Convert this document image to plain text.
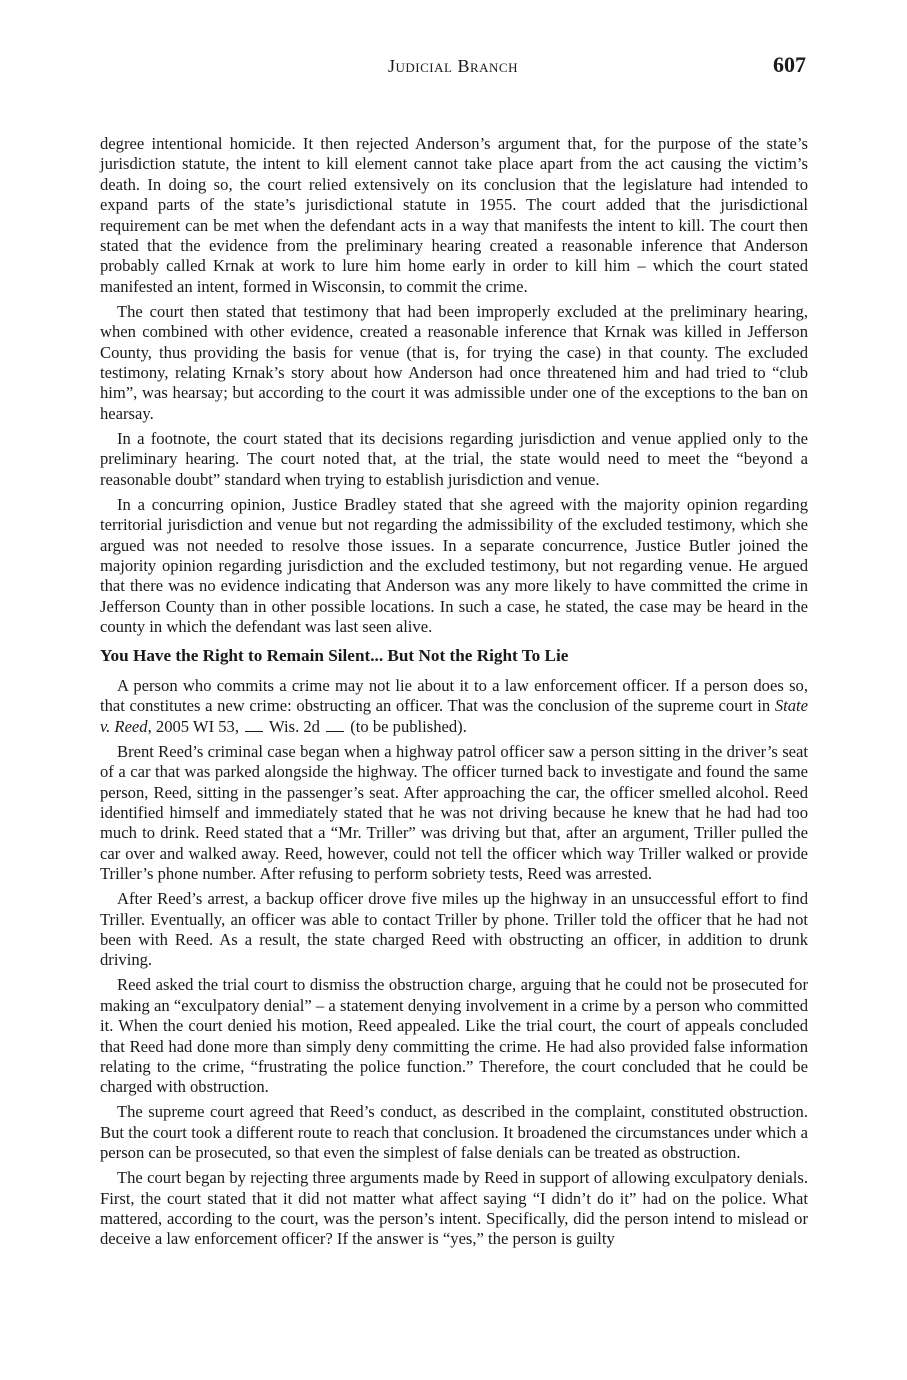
Judicial Branch	607

degree intentional homicide. It then rejected Anderson’s argument that, for the purpose of the state’s jurisdiction statute, the intent to kill element cannot take place apart from the act causing the victim’s death. In doing so, the court relied extensively on its conclusion that the legislature had intended to expand parts of the state’s jurisdictional statute in 1955. The court added that the jurisdictional requirement can be met when the defendant acts in a way that manifests the intent to kill. The court then stated that the evidence from the preliminary hearing created a reasonable inference that Anderson probably called Krnak at work to lure him home early in order to kill him – which the court stated manifested an intent, formed in Wisconsin, to commit the crime.

The court then stated that testimony that had been improperly excluded at the preliminary hearing, when combined with other evidence, created a reasonable inference that Krnak was killed in Jefferson County, thus providing the basis for venue (that is, for trying the case) in that county. The excluded testimony, relating Krnak’s story about how Anderson had once threatened him and had tried to “club him”, was hearsay; but according to the court it was admissible under one of the exceptions to the ban on hearsay.

In a footnote, the court stated that its decisions regarding jurisdiction and venue applied only to the preliminary hearing. The court noted that, at the trial, the state would need to meet the “beyond a reasonable doubt” standard when trying to establish jurisdiction and venue.

In a concurring opinion, Justice Bradley stated that she agreed with the majority opinion regarding territorial jurisdiction and venue but not regarding the admissibility of the excluded testimony, which she argued was not needed to resolve those issues. In a separate concurrence, Justice Butler joined the majority opinion regarding jurisdiction and the excluded testimony, but not regarding venue. He argued that there was no evidence indicating that Anderson was any more likely to have committed the crime in Jefferson County than in other possible locations. In such a case, he stated, the case may be heard in the county in which the defendant was last seen alive.

You Have the Right to Remain Silent... But Not the Right To Lie

A person who commits a crime may not lie about it to a law enforcement officer. If a person does so, that constitutes a new crime: obstructing an officer. That was the conclusion of the supreme court in State v. Reed, 2005 WI 53,  Wis. 2d  (to be published).

Brent Reed’s criminal case began when a highway patrol officer saw a person sitting in the driver’s seat of a car that was parked alongside the highway. The officer turned back to investigate and found the same person, Reed, sitting in the passenger’s seat. After approaching the car, the officer smelled alcohol. Reed identified himself and immediately stated that he was not driving because he knew that he had had too much to drink. Reed stated that a “Mr. Triller” was driving but that, after an argument, Triller pulled the car over and walked away. Reed, however, could not tell the officer which way Triller walked or provide Triller’s phone number. After refusing to perform sobriety tests, Reed was arrested.

After Reed’s arrest, a backup officer drove five miles up the highway in an unsuccessful effort to find Triller. Eventually, an officer was able to contact Triller by phone. Triller told the officer that he had not been with Reed. As a result, the state charged Reed with obstructing an officer, in addition to drunk driving.

Reed asked the trial court to dismiss the obstruction charge, arguing that he could not be prosecuted for making an “exculpatory denial” – a statement denying involvement in a crime by a person who committed it. When the court denied his motion, Reed appealed. Like the trial court, the court of appeals concluded that Reed had done more than simply deny committing the crime. He had also provided false information relating to the crime, “frustrating the police function.” Therefore, the court concluded that he could be charged with obstruction.

The supreme court agreed that Reed’s conduct, as described in the complaint, constituted obstruction. But the court took a different route to reach that conclusion. It broadened the circumstances under which a person can be prosecuted, so that even the simplest of false denials can be treated as obstruction.

The court began by rejecting three arguments made by Reed in support of allowing exculpatory denials. First, the court stated that it did not matter what affect saying “I didn’t do it” had on the police. What mattered, according to the court, was the person’s intent. Specifically, did the person intend to mislead or deceive a law enforcement officer? If the answer is “yes,” the person is guilty
